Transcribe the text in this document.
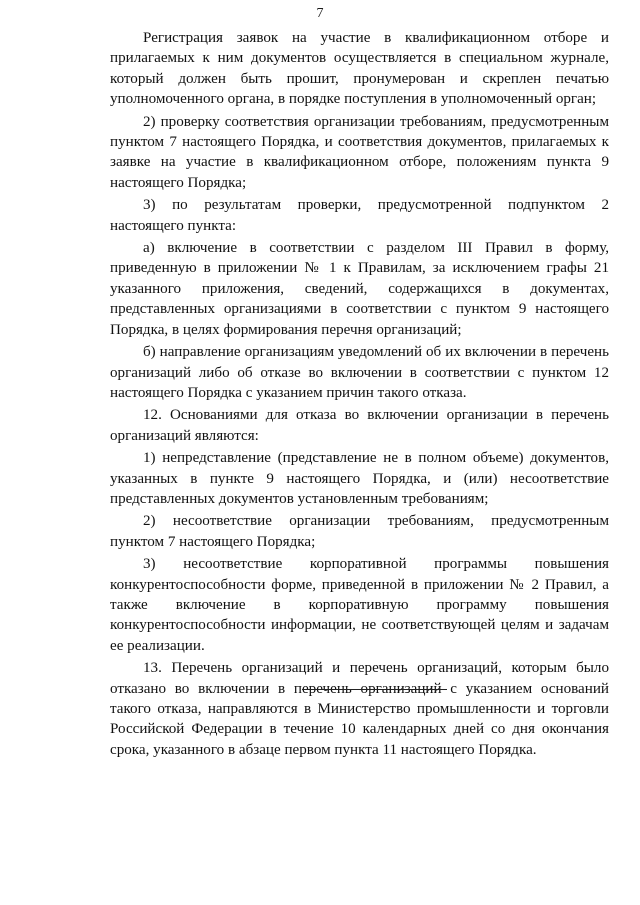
7

Регистрация заявок на участие в квалификационном отборе и прилагаемых к ним документов осуществляется в специальном журнале, который должен быть прошит, пронумерован и скреплен печатью уполномоченного органа, в порядке поступления в уполномоченный орган;

2) проверку соответствия организации требованиям, предусмотренным пунктом 7 настоящего Порядка, и соответствия документов, прилагаемых к заявке на участие в квалификационном отборе, положениям пункта 9 настоящего Порядка;

3) по результатам проверки, предусмотренной подпунктом 2 настоящего пункта:

а) включение в соответствии с разделом III Правил в форму, приведенную в приложении № 1 к Правилам, за исключением графы 21 указанного приложения, сведений, содержащихся в документах, представленных организациями в соответствии с пунктом 9 настоящего Порядка, в целях формирования перечня организаций;

б) направление организациям уведомлений об их включении в перечень организаций либо об отказе во включении в соответствии с пунктом 12 настоящего Порядка с указанием причин такого отказа.

12. Основаниями для отказа во включении организации в перечень организаций являются:

1) непредставление (представление не в полном объеме) документов, указанных в пункте 9 настоящего Порядка, и (или) несоответствие представленных документов установленным требованиям;

2) несоответствие организации требованиям, предусмотренным пунктом 7 настоящего Порядка;

3) несоответствие корпоративной программы повышения конкурентоспособности форме, приведенной в приложении № 2 Правил, а также включение в корпоративную программу повышения конкурентоспособности информации, не соответствующей целям и задачам ее реализации.

13. Перечень организаций и перечень организаций, которым было отказано во включении в перечень организаций с указанием оснований такого отказа, направляются в Министерство промышленности и торговли Российской Федерации в течение 10 календарных дней со дня окончания срока, указанного в абзаце первом пункта 11 настоящего Порядка.
